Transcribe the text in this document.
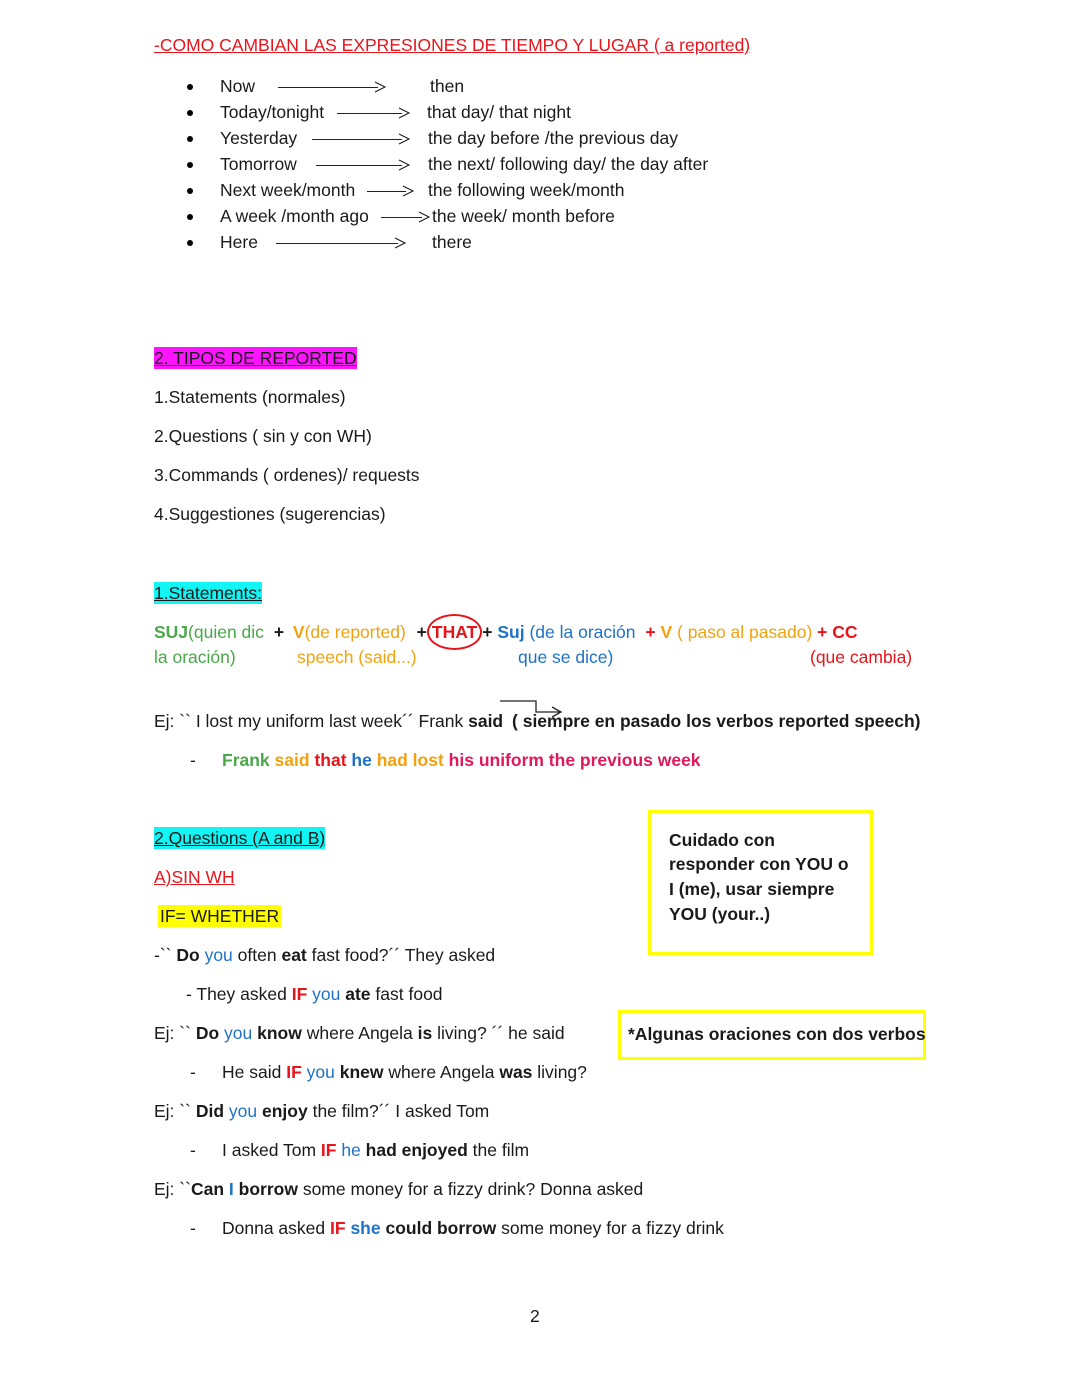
-COMO CAMBIAN LAS EXPRESIONES DE TIEMPO Y LUGAR ( a reported)
Now	then
Today/tonight	that day/ that night
Yesterday	the day before /the previous day
Tomorrow	the next/ following day/ the day after
Next week/month	the following week/month
A week /month ago	the week/ month before
Here	there
2. TIPOS DE REPORTED
1.Statements (normales)
2.Questions ( sin y con WH)
3.Commands ( ordenes)/ requests
4.Suggestiones (sugerencias)
1.Statements:
SUJ(quien dic + V(de reported) + THAT + Suj (de la oración + V ( paso al pasado) + CC
la oración)	speech (said...)	que se dice)	(que cambia)
Ej: `` I lost my uniform last week´´ Frank said ( siempre en pasado los verbos reported speech)
- Frank said that he had lost his uniform the previous week
2.Questions (A and B)
A)SIN WH
IF= WHETHER
Cuidado con
responder con YOU o
I (me), usar siempre
YOU (your..)
*Algunas oraciones con dos verbos
-`` Do you often eat fast food?´´ They asked
- They asked IF you ate fast food
Ej: `` Do you know where Angela is living? ´´ he said
- He said IF you knew where Angela was living?
Ej: `` Did you enjoy the film?´´ I asked Tom
- I asked Tom IF he had enjoyed the film
Ej: ``Can I borrow some money for a fizzy drink? Donna asked
- Donna asked IF she could borrow some money for a fizzy drink
2
